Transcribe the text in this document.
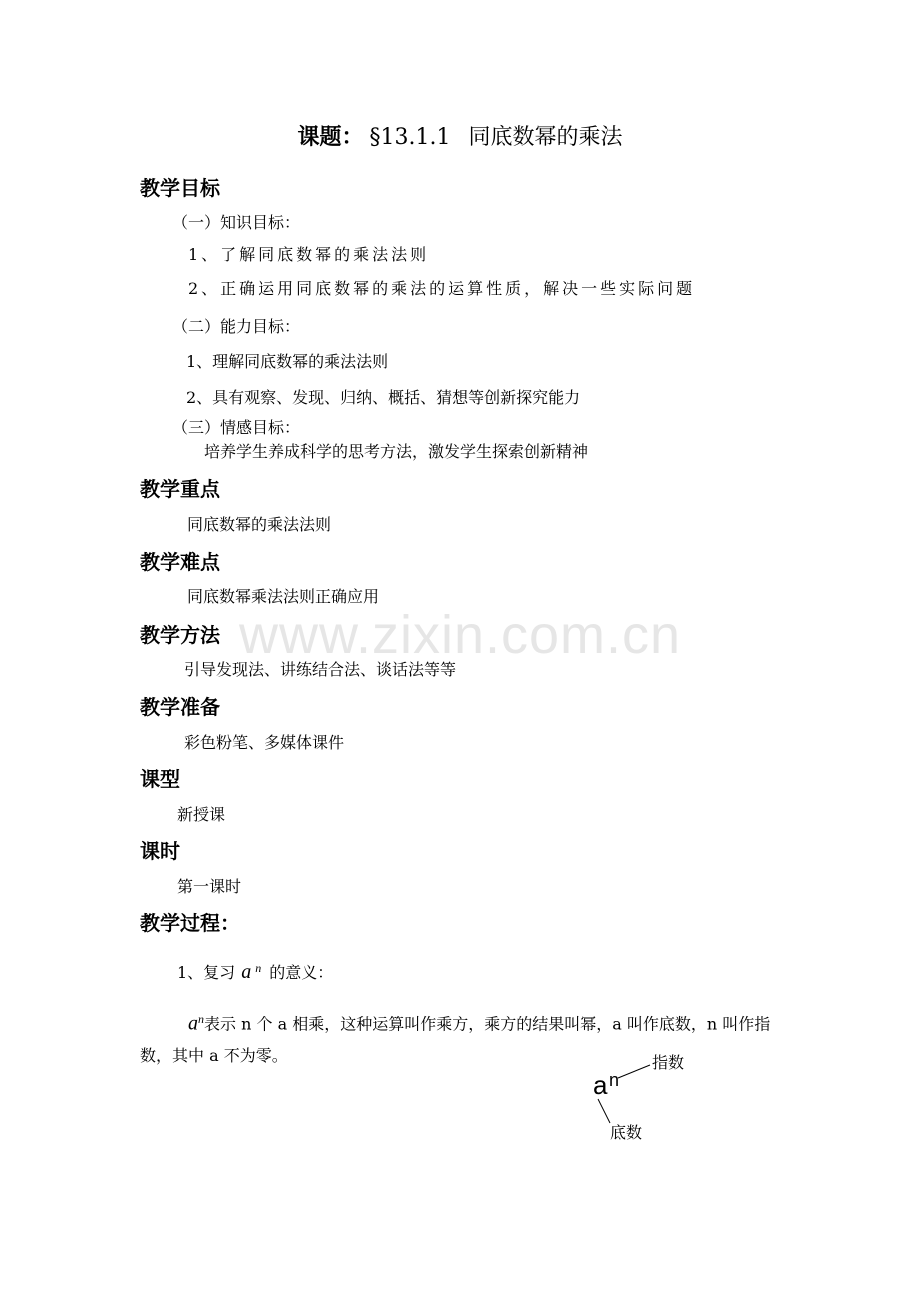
www.zixin.com.cn
课题： §13.1.1 同底数幂的乘法
教学目标
（一）知识目标：
1、了解同底数幂的乘法法则
2、正确运用同底数幂的乘法的运算性质，解决一些实际问题
（二）能力目标：
1、理解同底数幂的乘法法则
2、具有观察、发现、归纳、概括、猜想等创新探究能力
（三）情感目标：
培养学生养成科学的思考方法，激发学生探索创新精神
教学重点
同底数幂的乘法法则
教学难点
同底数幂乘法法则正确应用
教学方法
引导发现法、讲练结合法、谈话法等等
教学准备
彩色粉笔、多媒体课件
课型
新授课
课时
第一课时
教学过程：
1、复习 a $^n$ 的意义：
$a^n$表示 n 个 a 相乘，这种运算叫作乘方，乘方的结果叫幂，a 叫作底数，n 叫作指数，其中 a 不为零。
a n
指数
底数
